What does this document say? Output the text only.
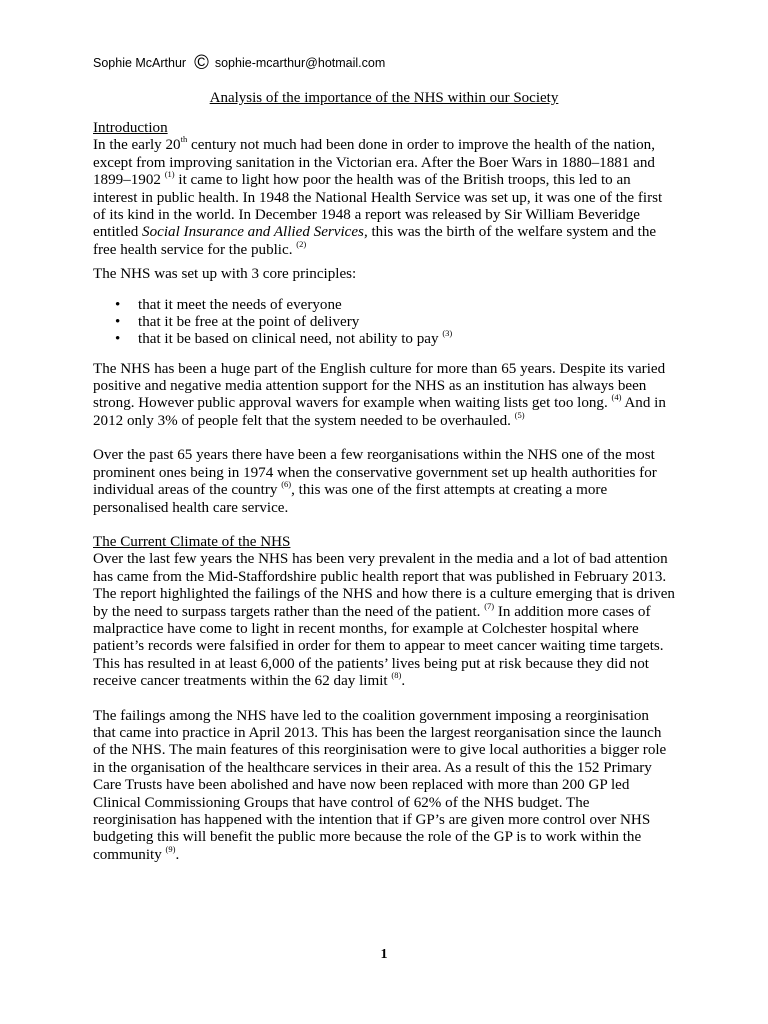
Sophie McArthur © sophie-mcarthur@hotmail.com
Analysis of the importance of the NHS within our Society

Introduction

In the early 20th century not much had been done in order to improve the health of the nation, except from improving sanitation in the Victorian era. After the Boer Wars in 1880–1881 and 1899–1902 $^{(1)}$ it came to light how poor the health was of the British troops, this led to an interest in public health. In 1948 the National Health Service was set up, it was one of the first of its kind in the world. In December 1948 a report was released by Sir William Beveridge entitled Social Insurance and Allied Services, this was the birth of the welfare system and the free health service for the public. $^{(2)}$

The NHS was set up with 3 core principles:

• that it meet the needs of everyone
• that it be free at the point of delivery
• that it be based on clinical need, not ability to pay $^{(3)}$

The NHS has been a huge part of the English culture for more than 65 years. Despite its varied positive and negative media attention support for the NHS as an institution has always been strong. However public approval wavers for example when waiting lists get too long. $^{(4)}$ And in 2012 only 3% of people felt that the system needed to be overhauled. $^{(5)}$

Over the past 65 years there have been a few reorganisations within the NHS one of the most prominent ones being in 1974 when the conservative government set up health authorities for individual areas of the country $^{(6)}$, this was one of the first attempts at creating a more personalised health care service.

The Current Climate of the NHS

Over the last few years the NHS has been very prevalent in the media and a lot of bad attention has came from the Mid-Staffordshire public health report that was published in February 2013. The report highlighted the failings of the NHS and how there is a culture emerging that is driven by the need to surpass targets rather than the need of the patient. $^{(7)}$ In addition more cases of malpractice have come to light in recent months, for example at Colchester hospital where patient’s records were falsified in order for them to appear to meet cancer waiting time targets. This has resulted in at least 6,000 of the patients’ lives being put at risk because they did not receive cancer treatments within the 62 day limit $^{(8)}$.

The failings among the NHS have led to the coalition government imposing a reorginisation that came into practice in April 2013. This has been the largest reorganisation since the launch of the NHS. The main features of this reorginisation were to give local authorities a bigger role in the organisation of the healthcare services in their area. As a result of this the 152 Primary Care Trusts have been abolished and have now been replaced with more than 200 GP led Clinical Commissioning Groups that have control of 62% of the NHS budget. The reorginisation has happened with the intention that if GP’s are given more control over NHS budgeting this will benefit the public more because the role of the GP is to work within the community $^{(9)}$.

1
